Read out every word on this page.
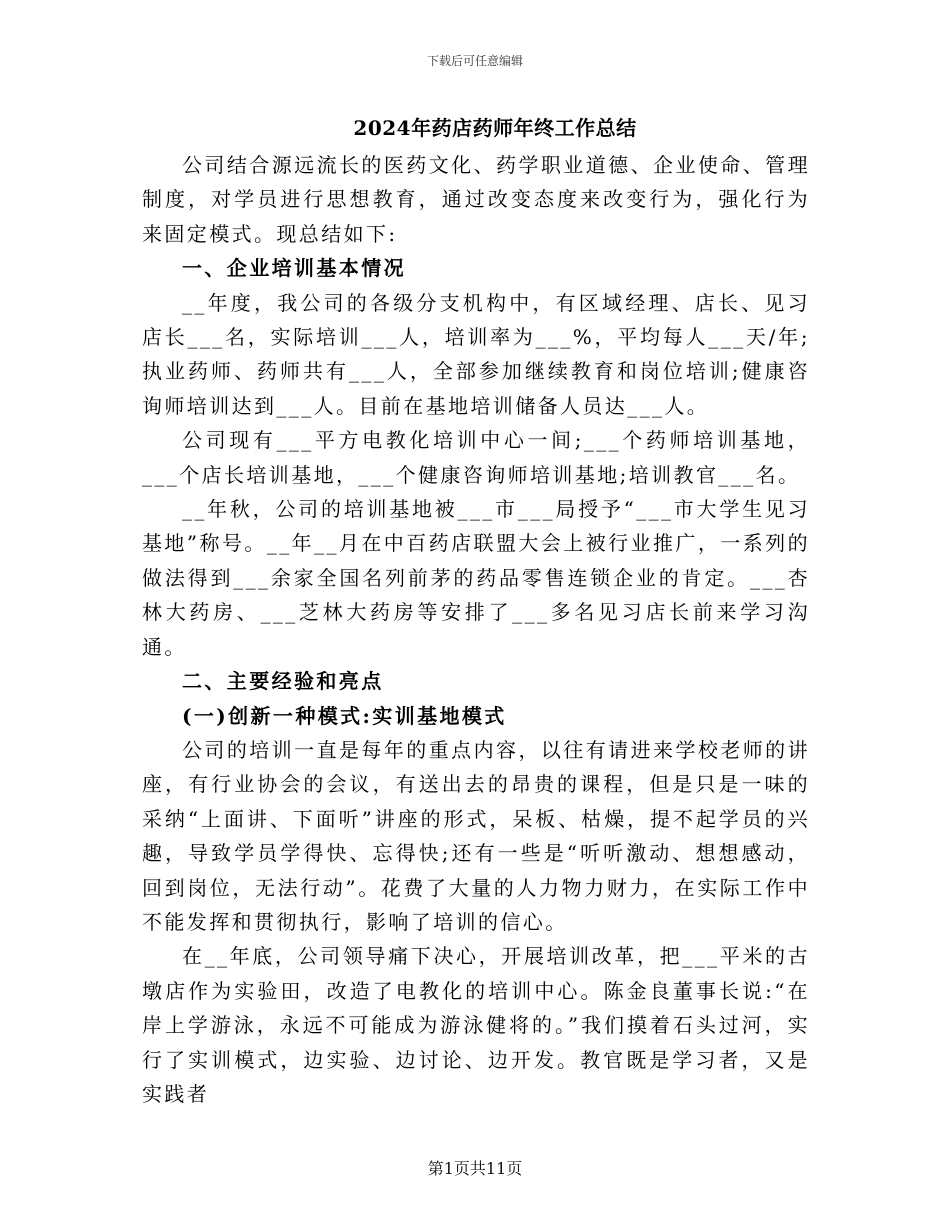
下载后可任意编辑
2024年药店药师年终工作总结

公司结合源远流长的医药文化、药学职业道德、企业使命、管理制度，对学员进行思想教育，通过改变态度来改变行为，强化行为来固定模式。现总结如下:

一、企业培训基本情况

__年度，我公司的各级分支机构中，有区域经理、店长、见习店长___名，实际培训___人，培训率为___%，平均每人___天/年;执业药师、药师共有___人，全部参加继续教育和岗位培训;健康咨询师培训达到___人。目前在基地培训储备人员达___人。

公司现有___平方电教化培训中心一间;___个药师培训基地，___个店长培训基地，___个健康咨询师培训基地;培训教官___名。

__年秋，公司的培训基地被___市___局授予“___市大学生见习基地”称号。__年__月在中百药店联盟大会上被行业推广，一系列的做法得到___余家全国名列前茅的药品零售连锁企业的肯定。___杏林大药房、___芝林大药房等安排了___多名见习店长前来学习沟通。

二、主要经验和亮点
(一)创新一种模式:实训基地模式

公司的培训一直是每年的重点内容，以往有请进来学校老师的讲座，有行业协会的会议，有送出去的昂贵的课程，但是只是一味的采纳“上面讲、下面听”讲座的形式，呆板、枯燥，提不起学员的兴趣，导致学员学得快、忘得快;还有一些是“听听激动、想想感动，回到岗位，无法行动”。花费了大量的人力物力财力，在实际工作中不能发挥和贯彻执行，影响了培训的信心。

在__年底，公司领导痛下决心，开展培训改革，把___平米的古墩店作为实验田，改造了电教化的培训中心。陈金良董事长说:“在岸上学游泳，永远不可能成为游泳健将的。”我们摸着石头过河，实行了实训模式，边实验、边讨论、边开发。教官既是学习者，又是实践者

第1页共11页
